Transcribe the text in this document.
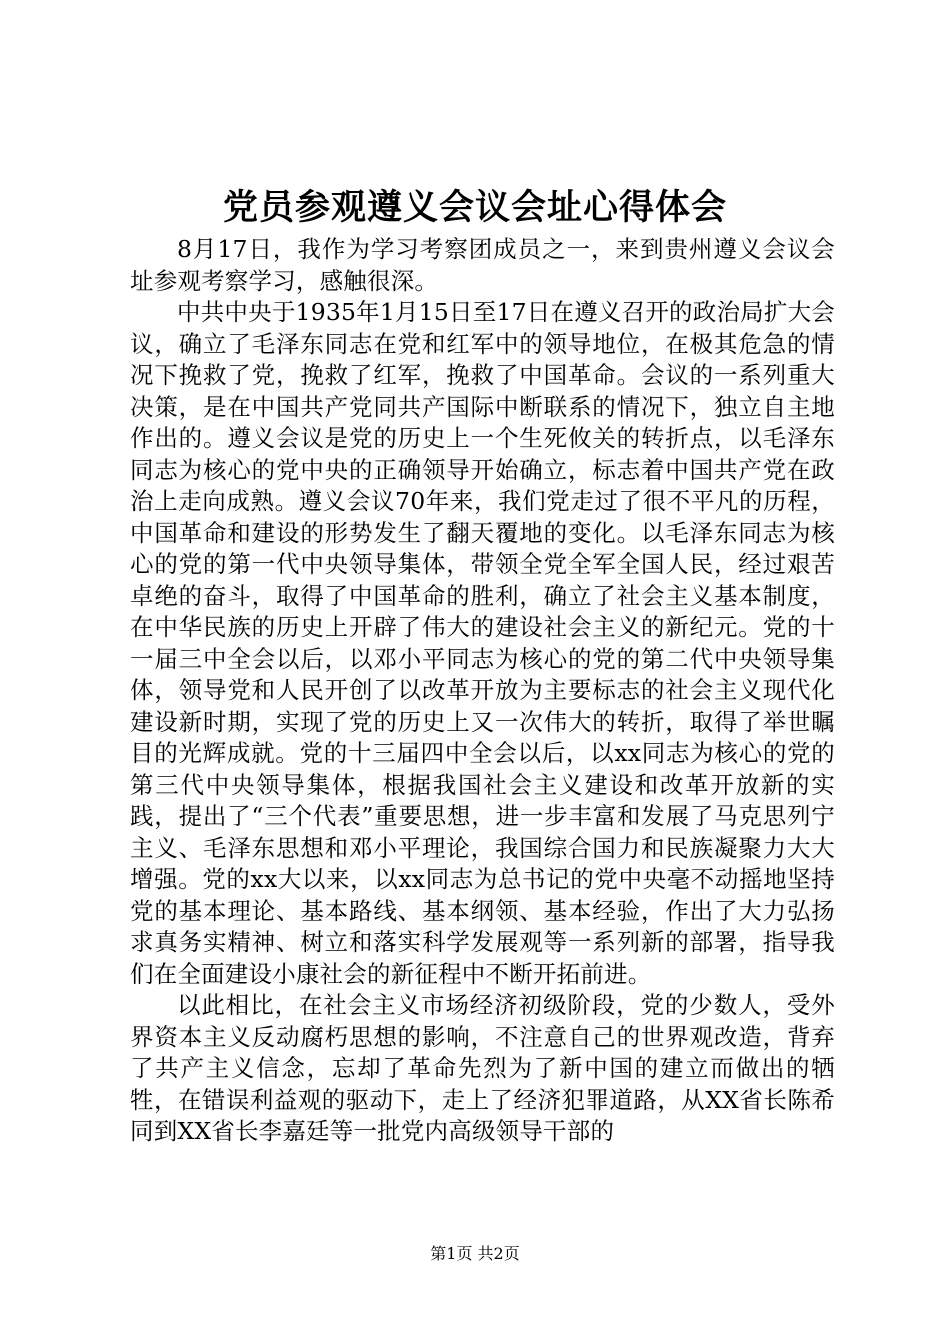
党员参观遵义会议会址心得体会

8月17日，我作为学习考察团成员之一，来到贵州遵义会议会址参观考察学习，感触很深。

中共中央于1935年1月15日至17日在遵义召开的政治局扩大会议，确立了毛泽东同志在党和红军中的领导地位，在极其危急的情况下挽救了党，挽救了红军，挽救了中国革命。会议的一系列重大决策，是在中国共产党同共产国际中断联系的情况下，独立自主地作出的。遵义会议是党的历史上一个生死攸关的转折点，以毛泽东同志为核心的党中央的正确领导开始确立，标志着中国共产党在政治上走向成熟。遵义会议70年来，我们党走过了很不平凡的历程，中国革命和建设的形势发生了翻天覆地的变化。以毛泽东同志为核心的党的第一代中央领导集体，带领全党全军全国人民，经过艰苦卓绝的奋斗，取得了中国革命的胜利，确立了社会主义基本制度，在中华民族的历史上开辟了伟大的建设社会主义的新纪元。党的十一届三中全会以后，以邓小平同志为核心的党的第二代中央领导集体，领导党和人民开创了以改革开放为主要标志的社会主义现代化建设新时期，实现了党的历史上又一次伟大的转折，取得了举世瞩目的光辉成就。党的十三届四中全会以后，以xx同志为核心的党的第三代中央领导集体，根据我国社会主义建设和改革开放新的实践，提出了“三个代表”重要思想，进一步丰富和发展了马克思列宁主义、毛泽东思想和邓小平理论，我国综合国力和民族凝聚力大大增强。党的xx大以来，以xx同志为总书记的党中央毫不动摇地坚持党的基本理论、基本路线、基本纲领、基本经验，作出了大力弘扬求真务实精神、树立和落实科学发展观等一系列新的部署，指导我们在全面建设小康社会的新征程中不断开拓前进。

以此相比，在社会主义市场经济初级阶段，党的少数人，受外界资本主义反动腐朽思想的影响，不注意自己的世界观改造，背弃了共产主义信念，忘却了革命先烈为了新中国的建立而做出的牺牲，在错误利益观的驱动下，走上了经济犯罪道路，从XX省长陈希同到XX省长李嘉廷等一批党内高级领导干部的

第1页 共2页
